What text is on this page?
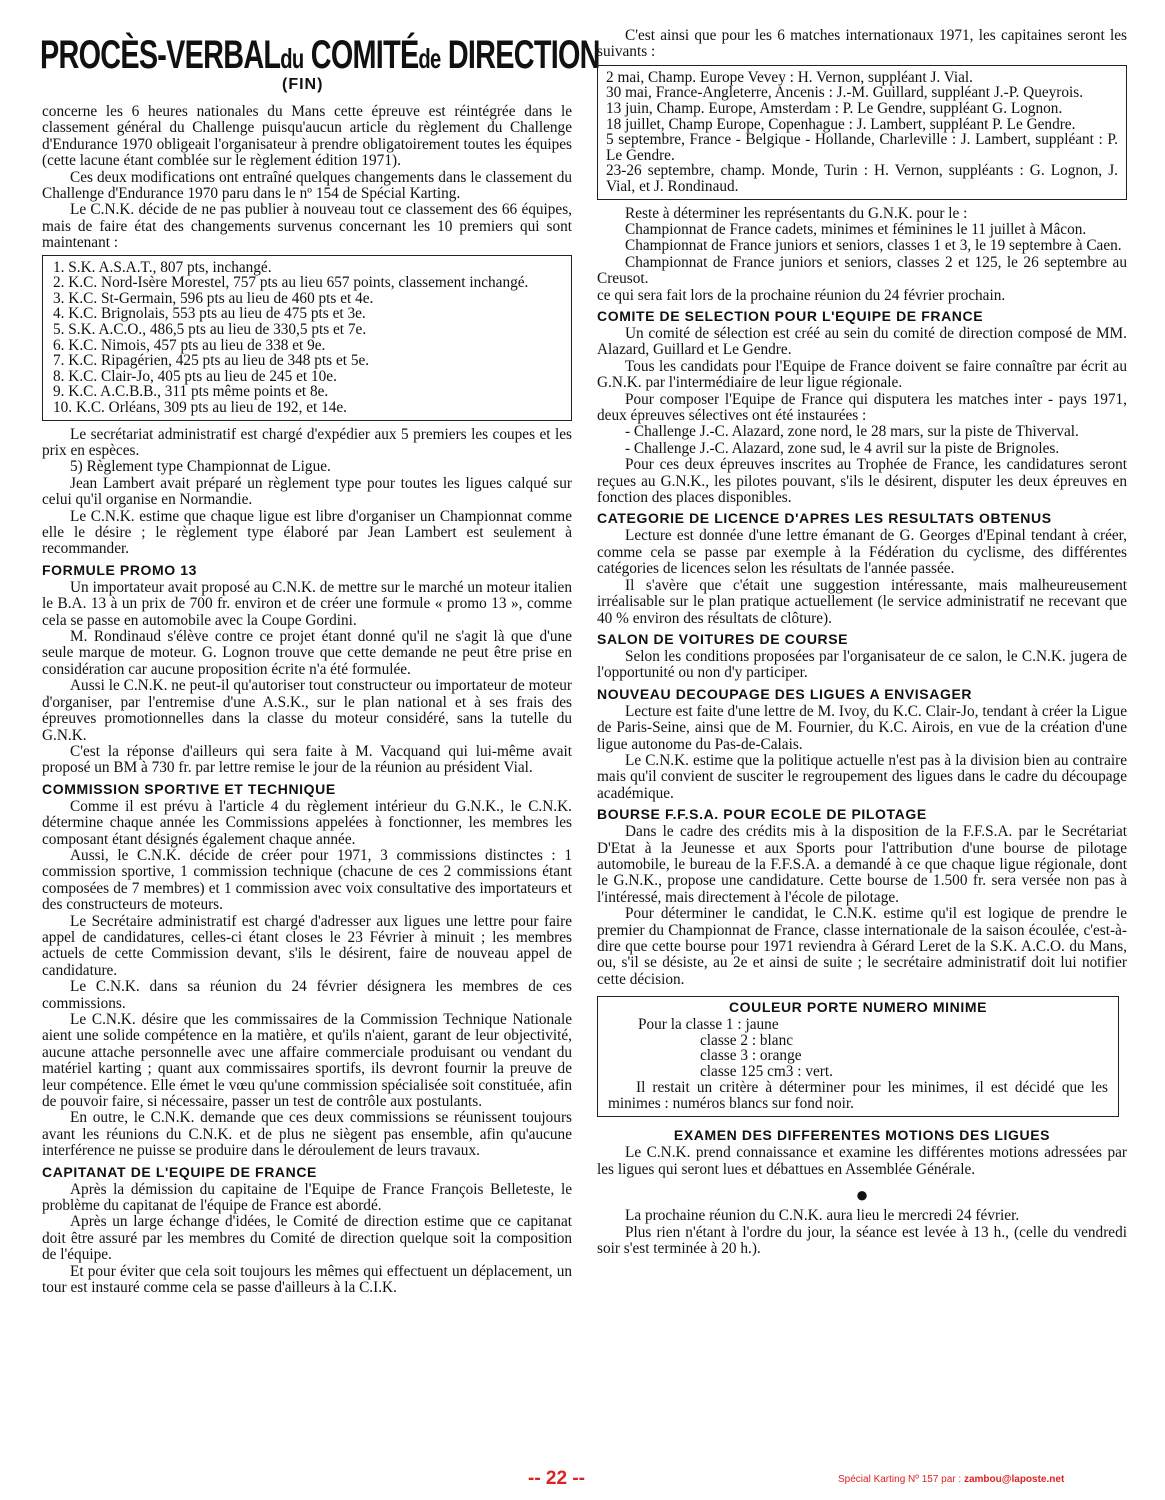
PROCÈS-VERBALdu COMITÉde DIRECTION
(FIN)

concerne les 6 heures nationales du Mans cette épreuve est réintégrée dans le classement général du Challenge puisqu'aucun article du règlement du Challenge d'Endurance 1970 obligeait l'organisateur à prendre obligatoirement toutes les équipes (cette lacune étant comblée sur le règlement édition 1971).

Ces deux modifications ont entraîné quelques changements dans le classement du Challenge d'Endurance 1970 paru dans le nº 154 de Spécial Karting.

Le C.N.K. décide de ne pas publier à nouveau tout ce classement des 66 équipes, mais de faire état des changements survenus concernant les 10 premiers qui sont maintenant :

1. S.K. A.S.A.T., 807 pts, inchangé.
2. K.C. Nord-Isère Morestel, 757 pts au lieu 657 points, classement inchangé.
3. K.C. St-Germain, 596 pts au lieu de 460 pts et 4e.
4. K.C. Brignolais, 553 pts au lieu de 475 pts et 3e.
5. S.K. A.C.O., 486,5 pts au lieu de 330,5 pts et 7e.
6. K.C. Nimois, 457 pts au lieu de 338 et 9e.
7. K.C. Ripagérien, 425 pts au lieu de 348 pts et 5e.
8. K.C. Clair-Jo, 405 pts au lieu de 245 et 10e.
9. K.C. A.C.B.B., 311 pts même points et 8e.
10. K.C. Orléans, 309 pts au lieu de 192, et 14e.

Le secrétariat administratif est chargé d'expédier aux 5 premiers les coupes et les prix en espèces.

5) Règlement type Championnat de Ligue.

Jean Lambert avait préparé un règlement type pour toutes les ligues calqué sur celui qu'il organise en Normandie.

Le C.N.K. estime que chaque ligue est libre d'organiser un Championnat comme elle le désire ; le règlement type élaboré par Jean Lambert est seulement à recommander.

FORMULE PROMO 13

Un importateur avait proposé au C.N.K. de mettre sur le marché un moteur italien le B.A. 13 à un prix de 700 fr. environ et de créer une formule « promo 13 », comme cela se passe en automobile avec la Coupe Gordini.

M. Rondinaud s'élève contre ce projet étant donné qu'il ne s'agit là que d'une seule marque de moteur. G. Lognon trouve que cette demande ne peut être prise en considération car aucune proposition écrite n'a été formulée.

Aussi le C.N.K. ne peut-il qu'autoriser tout constructeur ou importateur de moteur d'organiser, par l'entremise d'une A.S.K., sur le plan national et à ses frais des épreuves promotionnelles dans la classe du moteur considéré, sans la tutelle du G.N.K.

C'est la réponse d'ailleurs qui sera faite à M. Vacquand qui lui-même avait proposé un BM à 730 fr. par lettre remise le jour de la réunion au président Vial.

COMMISSION SPORTIVE ET TECHNIQUE

Comme il est prévu à l'article 4 du règlement intérieur du G.N.K., le C.N.K. détermine chaque année les Commissions appelées à fonctionner, les membres les composant étant désignés également chaque année.

Aussi, le C.N.K. décide de créer pour 1971, 3 commissions distinctes : 1 commission sportive, 1 commission technique (chacune de ces 2 commissions étant composées de 7 membres) et 1 commission avec voix consultative des importateurs et des constructeurs de moteurs.

Le Secrétaire administratif est chargé d'adresser aux ligues une lettre pour faire appel de candidatures, celles-ci étant closes le 23 Février à minuit ; les membres actuels de cette Commission devant, s'ils le désirent, faire de nouveau appel de candidature.

Le C.N.K. dans sa réunion du 24 février désignera les membres de ces commissions.

Le C.N.K. désire que les commissaires de la Commission Technique Nationale aient une solide compétence en la matière, et qu'ils n'aient, garant de leur objectivité, aucune attache personnelle avec une affaire commerciale produisant ou vendant du matériel karting ; quant aux commissaires sportifs, ils devront fournir la preuve de leur compétence. Elle émet le vœu qu'une commission spécialisée soit constituée, afin de pouvoir faire, si nécessaire, passer un test de contrôle aux postulants.

En outre, le C.N.K. demande que ces deux commissions se réunissent toujours avant les réunions du C.N.K. et de plus ne siègent pas ensemble, afin qu'aucune interférence ne puisse se produire dans le déroulement de leurs travaux.

CAPITANAT DE L'EQUIPE DE FRANCE

Après la démission du capitaine de l'Equipe de France François Belleteste, le problème du capitanat de l'équipe de France est abordé.

Après un large échange d'idées, le Comité de direction estime que ce capitanat doit être assuré par les membres du Comité de direction quelque soit la composition de l'équipe.

Et pour éviter que cela soit toujours les mêmes qui effectuent un déplacement, un tour est instauré comme cela se passe d'ailleurs à la C.I.K.

C'est ainsi que pour les 6 matches internationaux 1971, les capitaines seront les suivants :

2 mai, Champ. Europe Vevey : H. Vernon, suppléant J. Vial.
30 mai, France-Angleterre, Ancenis : J.-M. Guillard, suppléant J.-P. Queyrois.
13 juin, Champ. Europe, Amsterdam : P. Le Gendre, suppléant G. Lognon.
18 juillet, Champ Europe, Copenhague : J. Lambert, suppléant P. Le Gendre.
5 septembre, France - Belgique - Hollande, Charleville : J. Lambert, suppléant : P. Le Gendre.
23-26 septembre, champ. Monde, Turin : H. Vernon, suppléants : G. Lognon, J. Vial, et J. Rondinaud.

Reste à déterminer les représentants du G.N.K. pour le :

Championnat de France cadets, minimes et féminines le 11 juillet à Mâcon.

Championnat de France juniors et seniors, classes 1 et 3, le 19 septembre à Caen.

Championnat de France juniors et seniors, classes 2 et 125, le 26 septembre au Creusot.

ce qui sera fait lors de la prochaine réunion du 24 février prochain.

COMITE DE SELECTION POUR L'EQUIPE DE FRANCE

Un comité de sélection est créé au sein du comité de direction composé de MM. Alazard, Guillard et Le Gendre.

Tous les candidats pour l'Equipe de France doivent se faire connaître par écrit au G.N.K. par l'intermédiaire de leur ligue régionale.

Pour composer l'Equipe de France qui disputera les matches inter - pays 1971, deux épreuves sélectives ont été instaurées :

- Challenge J.-C. Alazard, zone nord, le 28 mars, sur la piste de Thiverval.

- Challenge J.-C. Alazard, zone sud, le 4 avril sur la piste de Brignoles.

Pour ces deux épreuves inscrites au Trophée de France, les candidatures seront reçues au G.N.K., les pilotes pouvant, s'ils le désirent, disputer les deux épreuves en fonction des places disponibles.

CATEGORIE DE LICENCE D'APRES LES RESULTATS OBTENUS

Lecture est donnée d'une lettre émanant de G. Georges d'Epinal tendant à créer, comme cela se passe par exemple à la Fédération du cyclisme, des différentes catégories de licences selon les résultats de l'année passée.

Il s'avère que c'était une suggestion intéressante, mais malheureusement irréalisable sur le plan pratique actuellement (le service administratif ne recevant que 40 % environ des résultats de clôture).

SALON DE VOITURES DE COURSE

Selon les conditions proposées par l'organisateur de ce salon, le C.N.K. jugera de l'opportunité ou non d'y participer.

NOUVEAU DECOUPAGE DES LIGUES A ENVISAGER

Lecture est faite d'une lettre de M. Ivoy, du K.C. Clair-Jo, tendant à créer la Ligue de Paris-Seine, ainsi que de M. Fournier, du K.C. Airois, en vue de la création d'une ligue autonome du Pas-de-Calais.

Le C.N.K. estime que la politique actuelle n'est pas à la division bien au contraire mais qu'il convient de susciter le regroupement des ligues dans le cadre du découpage académique.

BOURSE F.F.S.A. POUR ECOLE DE PILOTAGE

Dans le cadre des crédits mis à la disposition de la F.F.S.A. par le Secrétariat D'Etat à la Jeunesse et aux Sports pour l'attribution d'une bourse de pilotage automobile, le bureau de la F.F.S.A. a demandé à ce que chaque ligue régionale, dont le G.N.K., propose une candidature. Cette bourse de 1.500 fr. sera versée non pas à l'intéressé, mais directement à l'école de pilotage.

Pour déterminer le candidat, le C.N.K. estime qu'il est logique de prendre le premier du Championnat de France, classe internationale de la saison écoulée, c'est-à-dire que cette bourse pour 1971 reviendra à Gérard Leret de la S.K. A.C.O. du Mans, ou, s'il se désiste, au 2e et ainsi de suite ; le secrétaire administratif doit lui notifier cette décision.

COULEUR PORTE NUMERO MINIME
Pour la classe 1 : jaune
classe 2 : blanc
classe 3 : orange
classe 125 cm3 : vert.

Il restait un critère à déterminer pour les minimes, il est décidé que les minimes : numéros blancs sur fond noir.

EXAMEN DES DIFFERENTES MOTIONS DES LIGUES

Le C.N.K. prend connaissance et examine les différentes motions adressées par les ligues qui seront lues et débattues en Assemblée Générale.

●

La prochaine réunion du C.N.K. aura lieu le mercredi 24 février.

Plus rien n'étant à l'ordre du jour, la séance est levée à 13 h., (celle du vendredi soir s'est terminée à 20 h.).

-- 22 --	Spécial Karting Nº 157 par : zambou@laposte.net
